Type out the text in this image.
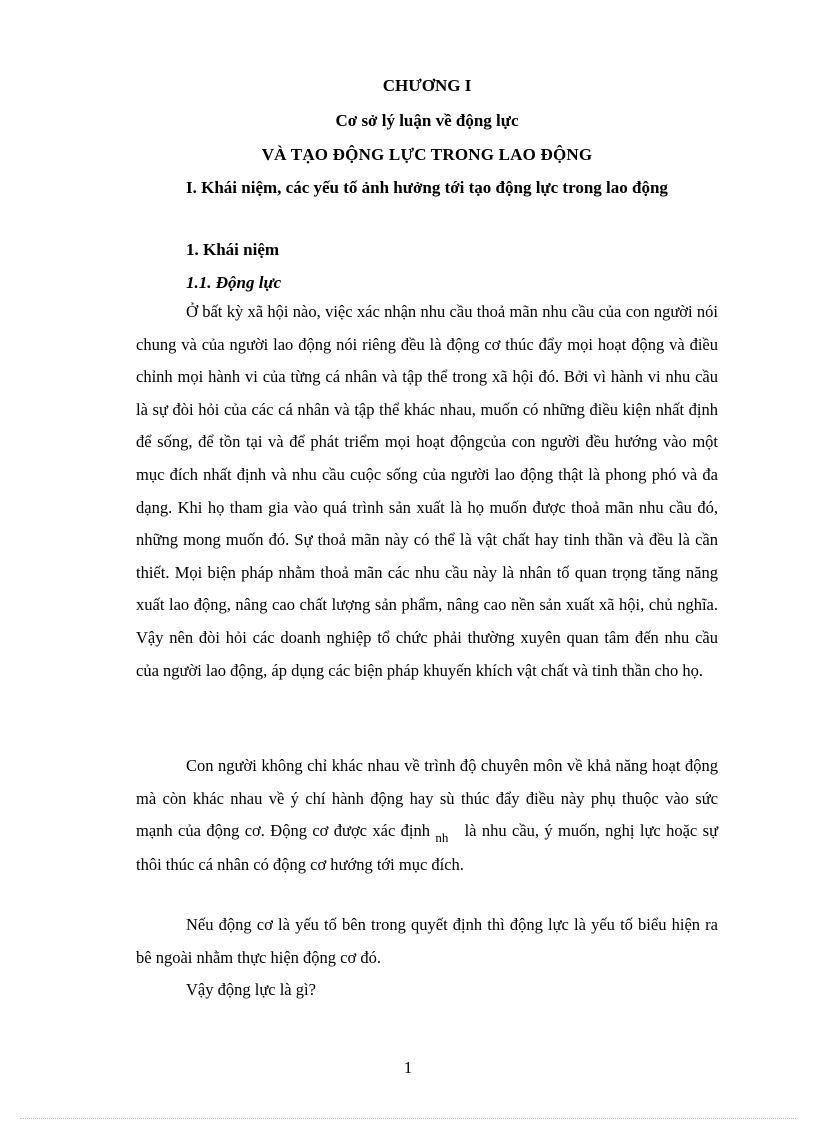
CHƯƠNG I
Cơ sở lý luận về động lực
VÀ TẠO ĐỘNG LỰC TRONG LAO ĐỘNG
I. Khái niệm, các yếu tố ảnh hưởng tới tạo động lực trong lao động
1. Khái niệm
1.1. Động lực

Ở bất kỳ xã hội nào, việc xác nhận nhu cầu thoả mãn nhu cầu của con người nói chung và của người lao động nói riêng đều là động cơ thúc đẩy mọi hoạt động và điều chỉnh mọi hành vi của từng cá nhân và tập thể trong xã hội đó. Bởi vì hành vi nhu cầu là sự đòi hỏi của các cá nhân và tập thể khác nhau, muốn có những điều kiện nhất định để sống, để tồn tại và để phát triểm mọi hoạt độngcủa con người đều hướng vào một mục đích nhất định và nhu cầu cuộc sống của người lao động thật là phong phó và đa dạng. Khi họ tham gia vào quá trình sản xuất là họ muốn được thoả mãn nhu cầu đó, những mong muốn đó. Sự thoả mãn này có thể là vật chất hay tinh thần và đều là cần thiết. Mọi biện pháp nhằm thoả mãn các nhu cầu này là nhân tố quan trọng tăng năng xuất lao động, nâng cao chất lượng sản phẩm, nâng cao nền sản xuất xã hội, chủ nghĩa. Vậy nên đòi hỏi các doanh nghiệp tổ chức phải thường xuyên quan tâm đến nhu cầu của người lao động, áp dụng các biện pháp khuyến khích vật chất và tinh thần cho họ.

Con người không chỉ khác nhau về trình độ chuyên môn về khả năng hoạt động mà còn khác nhau về ý chí hành động hay sù thúc đẩy điều này phụ thuộc vào sức mạnh của động cơ. Động cơ được xác định $_{nh}$ là nhu cầu, ý muốn, nghị lực hoặc sự thôi thúc cá nhân có động cơ hướng tới mục đích.

Nếu động cơ là yếu tố bên trong quyết định thì động lực là yếu tố biểu hiện ra bê ngoài nhằm thực hiện động cơ đó.

Vậy động lực là gì?

1
